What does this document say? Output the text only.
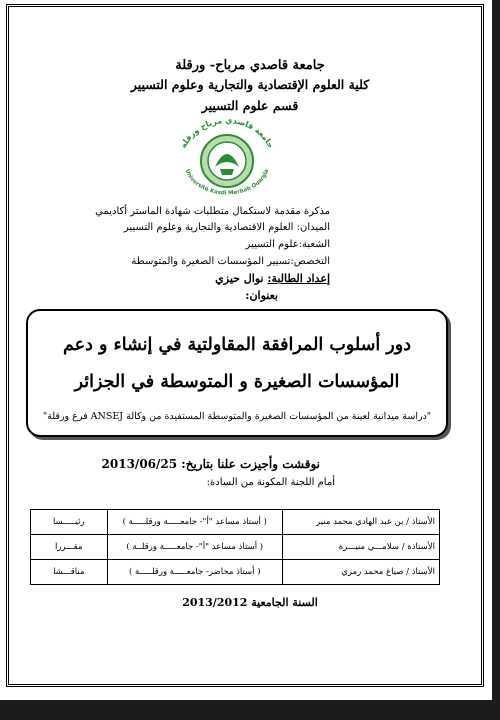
جامعة قاصدي مرباح- ورقلة
كلية العلوم الإقتصادية والتجارية وعلوم التسيير
قسم علوم التسيير
جامعة قاصدي مرباح ورقلة
Université Kasdi Merbah Ouargla
مذكرة مقدمة لاستكمال متطلبات شهادة الماستر أكاديمي
الميدان: العلوم الاقتصادية والتجارية وعلوم التسيير
الشعبة:علوم التسيير
التخصص:تسيير المؤسسات الصغيرة والمتوسطة
إعداد الطالبة: نوال حيزي
بعنوان:
دور أسلوب المرافقة المقاولتية في إنشاء و دعم
المؤسسات الصغيرة و المتوسطة في الجزائر
"دراسة ميدانية لعينة من المؤسسات الصغيرة والمتوسطة المستفيدة من وكالة ANSEJ فرع ورقلة"
نوقشت وأجيزت علنا بتاريخ: 2013/06/25
أمام اللجنة المكونة من السادة:
الأستاذ / بن عبد الهادي محمد منير	( أستاذ مساعد "أ"- جامعـــــة ورقلـــــة )	رئيـــــسا
الأستاذة / سلامـــي منيـــرة	( أستاذ مساعد "أ"- جامعـــــة ورقلــة )	مقـــررا
الأستاذ / صياغ محمد رمزي	( أستاذ محاضر- جامعـــــة ورقلـــــة )	مناقـــشا
السنة الجامعية 2013/2012
